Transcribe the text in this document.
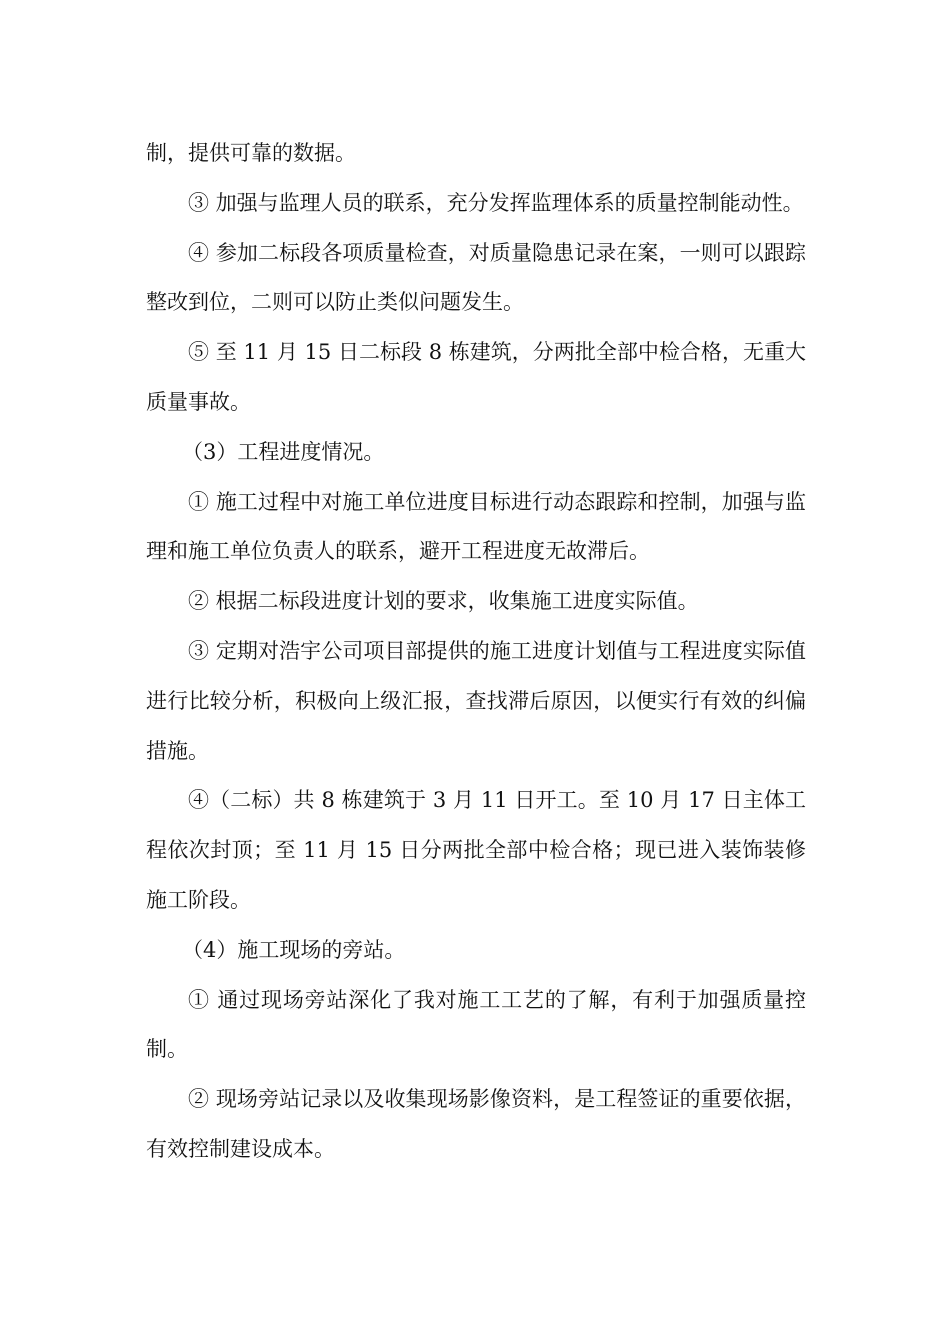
制，提供可靠的数据。

③ 加强与监理人员的联系，充分发挥监理体系的质量控制能动性。

④ 参加二标段各项质量检查，对质量隐患记录在案，一则可以跟踪整改到位，二则可以防止类似问题发生。

⑤ 至 11 月 15 日二标段 8 栋建筑，分两批全部中检合格，无重大质量事故。

（3）工程进度情况。

① 施工过程中对施工单位进度目标进行动态跟踪和控制，加强与监理和施工单位负责人的联系，避开工程进度无故滞后。

② 根据二标段进度计划的要求，收集施工进度实际值。

③ 定期对浩宇公司项目部提供的施工进度计划值与工程进度实际值进行比较分析，积极向上级汇报，查找滞后原因，以便实行有效的纠偏措施。

④（二标）共 8 栋建筑于 3 月 11 日开工。至 10 月 17 日主体工程依次封顶；至 11 月 15 日分两批全部中检合格；现已进入装饰装修施工阶段。

（4）施工现场的旁站。

① 通过现场旁站深化了我对施工工艺的了解，有利于加强质量控制。

② 现场旁站记录以及收集现场影像资料，是工程签证的重要依据，有效控制建设成本。
